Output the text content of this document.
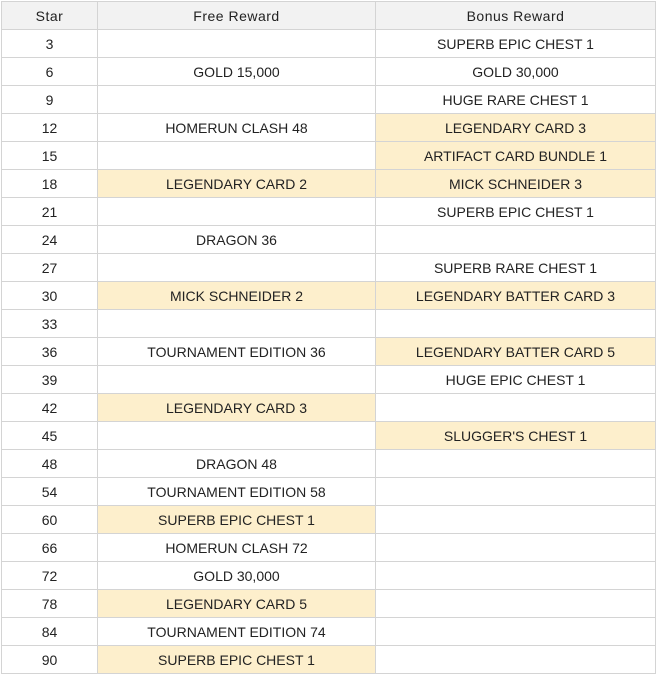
Star	Free Reward	Bonus Reward
3		SUPERB EPIC CHEST 1
6	GOLD 15,000	GOLD 30,000
9		HUGE RARE CHEST 1
12	HOMERUN CLASH 48	LEGENDARY CARD 3
15		ARTIFACT CARD BUNDLE 1
18	LEGENDARY CARD 2	MICK SCHNEIDER 3
21		SUPERB EPIC CHEST 1
24	DRAGON 36	
27		SUPERB RARE CHEST 1
30	MICK SCHNEIDER 2	LEGENDARY BATTER CARD 3
33		
36	TOURNAMENT EDITION 36	LEGENDARY BATTER CARD 5
39		HUGE EPIC CHEST 1
42	LEGENDARY CARD 3	
45		SLUGGER'S CHEST 1
48	DRAGON 48	
54	TOURNAMENT EDITION 58	
60	SUPERB EPIC CHEST 1	
66	HOMERUN CLASH 72	
72	GOLD 30,000	
78	LEGENDARY CARD 5	
84	TOURNAMENT EDITION 74	
90	SUPERB EPIC CHEST 1	
